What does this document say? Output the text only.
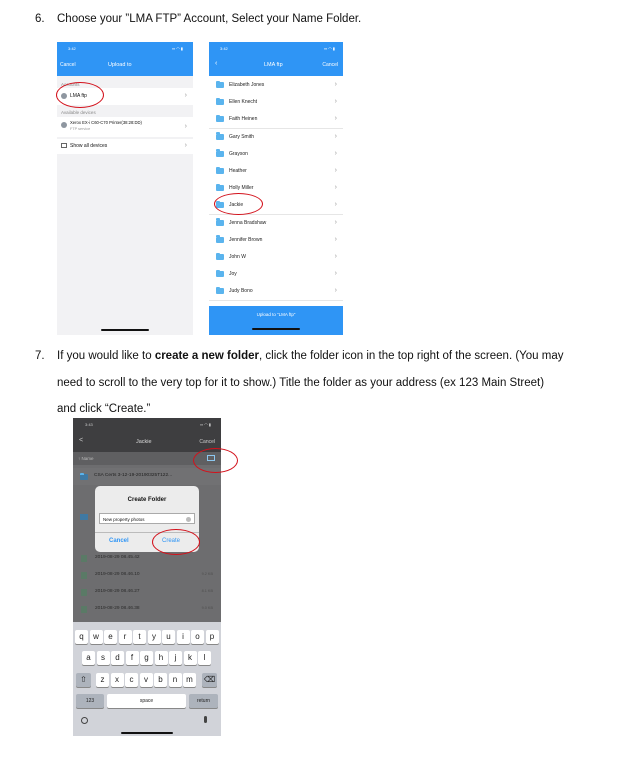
6. Choose your ”LMA FTP” Account, Select your Name Folder.
3:42	▪▪ ◠ ▮
Cancel	Upload to
Accounts
LMA ftp	›
Available devices
Xerox EX-i C60-C70 Printer(38:28:DD)
FTP service	›
Show all devices	›
3:42	▪▪ ◠ ▮
‹	LMA ftp	Cancel
Elizabeth Jones	›
Ellen Knecht	›
Faith Heinen	›
Gary Smith	›
Grayson	›
Heather	›
Holly Miller	›
Jackie	›
Jenna Bradshaw	›
Jennifer Brown	›
John W	›
Joy	›
Judy Bono	›
Upload to “LMA ftp”
7. If you would like to create a new folder, click the folder icon in the top right of the screen. (You may
need to scroll to the very top for it to show.) Title the folder as your address (ex 123 Main Street)
and click “Create.”
3:43	▪▪ ◠ ▮
<	Jackie	Cancel
↑ Name
CSA Certs 3-12-19-20190325T122...
Create Folder
New property photos
Cancel	Create
2019-08-29 08.45.42
2019-08-29 08.46.10	9.2 KB
2019-08-29 08.46.27	8.1 KB
2019-08-29 08.46.38	9.0 KB
q	w	e	r	t	y	u	i	o	p
a	s	d	f	g	h	j	k	l
z	x	c	v	b	n	m
⇧	⌫
123	space	return
